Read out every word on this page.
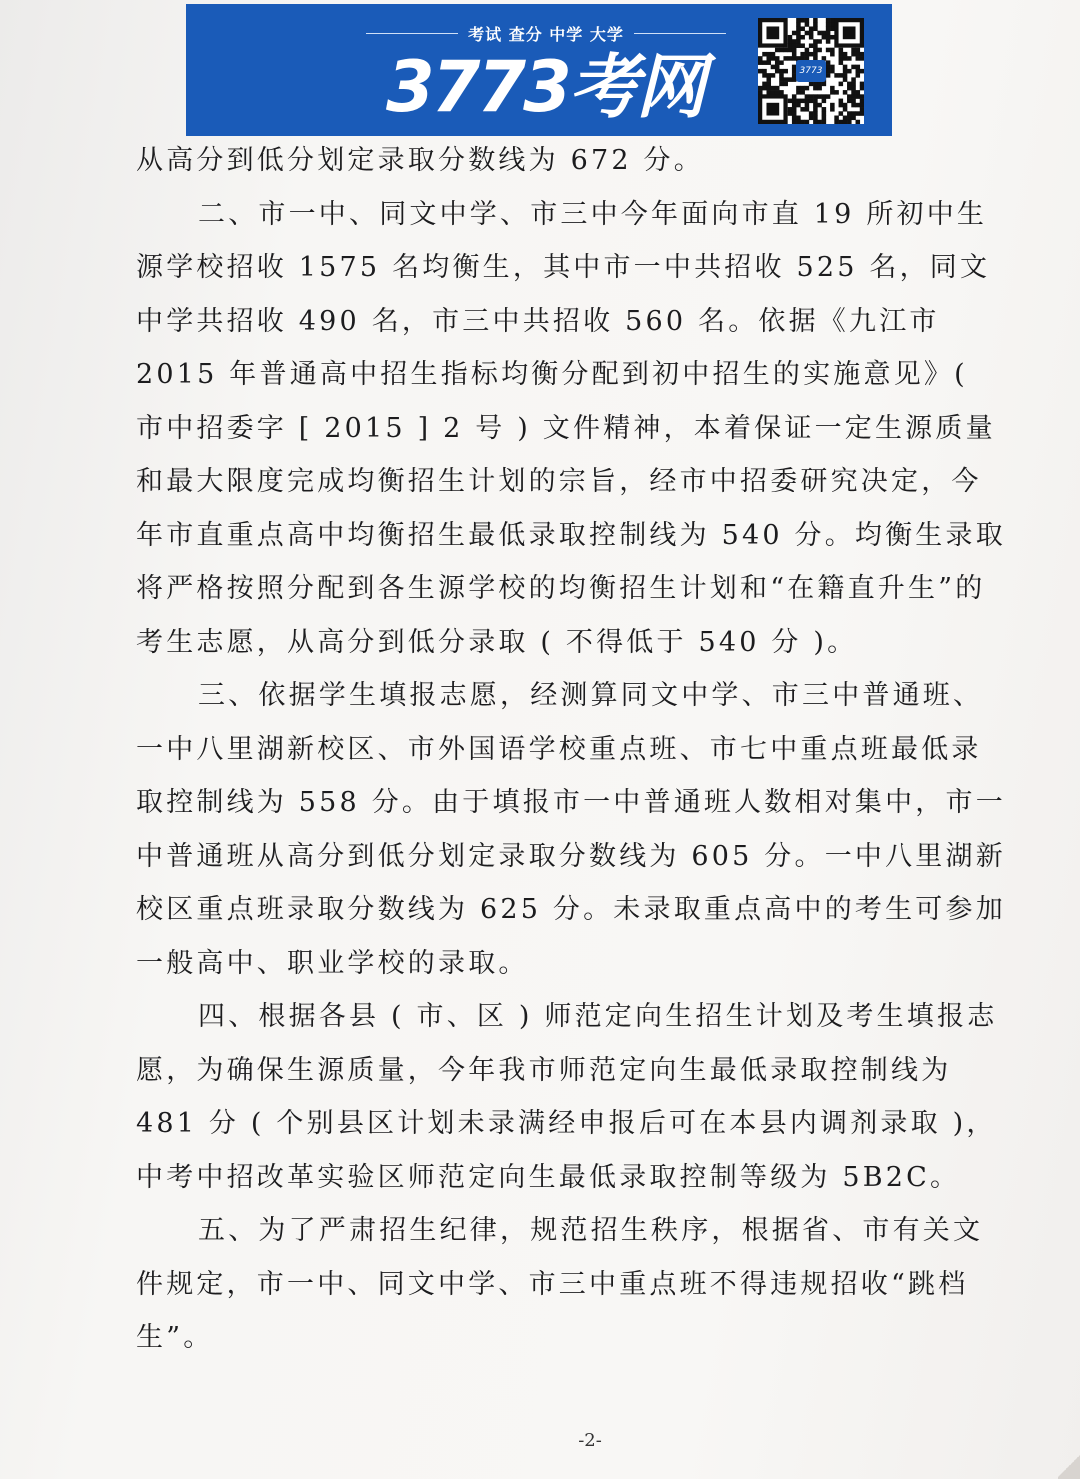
考试 查分 中学 大学
3773考网	3773

从高分到低分划定录取分数线为 672 分。

二、市一中、同文中学、市三中今年面向市直 19 所初中生源学校招收 1575 名均衡生，其中市一中共招收 525 名，同文中学共招收 490 名，市三中共招收 560 名。依据《九江市 2015 年普通高中招生指标均衡分配到初中招生的实施意见》( 市中招委字 [ 2015 ] 2 号 ) 文件精神，本着保证一定生源质量和最大限度完成均衡招生计划的宗旨，经市中招委研究决定，今年市直重点高中均衡招生最低录取控制线为 540 分。均衡生录取将严格按照分配到各生源学校的均衡招生计划和“在籍直升生”的考生志愿，从高分到低分录取 ( 不得低于 540 分 )。

三、依据学生填报志愿，经测算同文中学、市三中普通班、一中八里湖新校区、市外国语学校重点班、市七中重点班最低录取控制线为 558 分。由于填报市一中普通班人数相对集中，市一中普通班从高分到低分划定录取分数线为 605 分。一中八里湖新校区重点班录取分数线为 625 分。未录取重点高中的考生可参加一般高中、职业学校的录取。

四、根据各县 ( 市、区 ) 师范定向生招生计划及考生填报志愿，为确保生源质量，今年我市师范定向生最低录取控制线为 481 分 ( 个别县区计划未录满经申报后可在本县内调剂录取 )，中考中招改革实验区师范定向生最低录取控制等级为 5B2C。

五、为了严肃招生纪律，规范招生秩序，根据省、市有关文件规定，市一中、同文中学、市三中重点班不得违规招收“跳档生”。

-2-
